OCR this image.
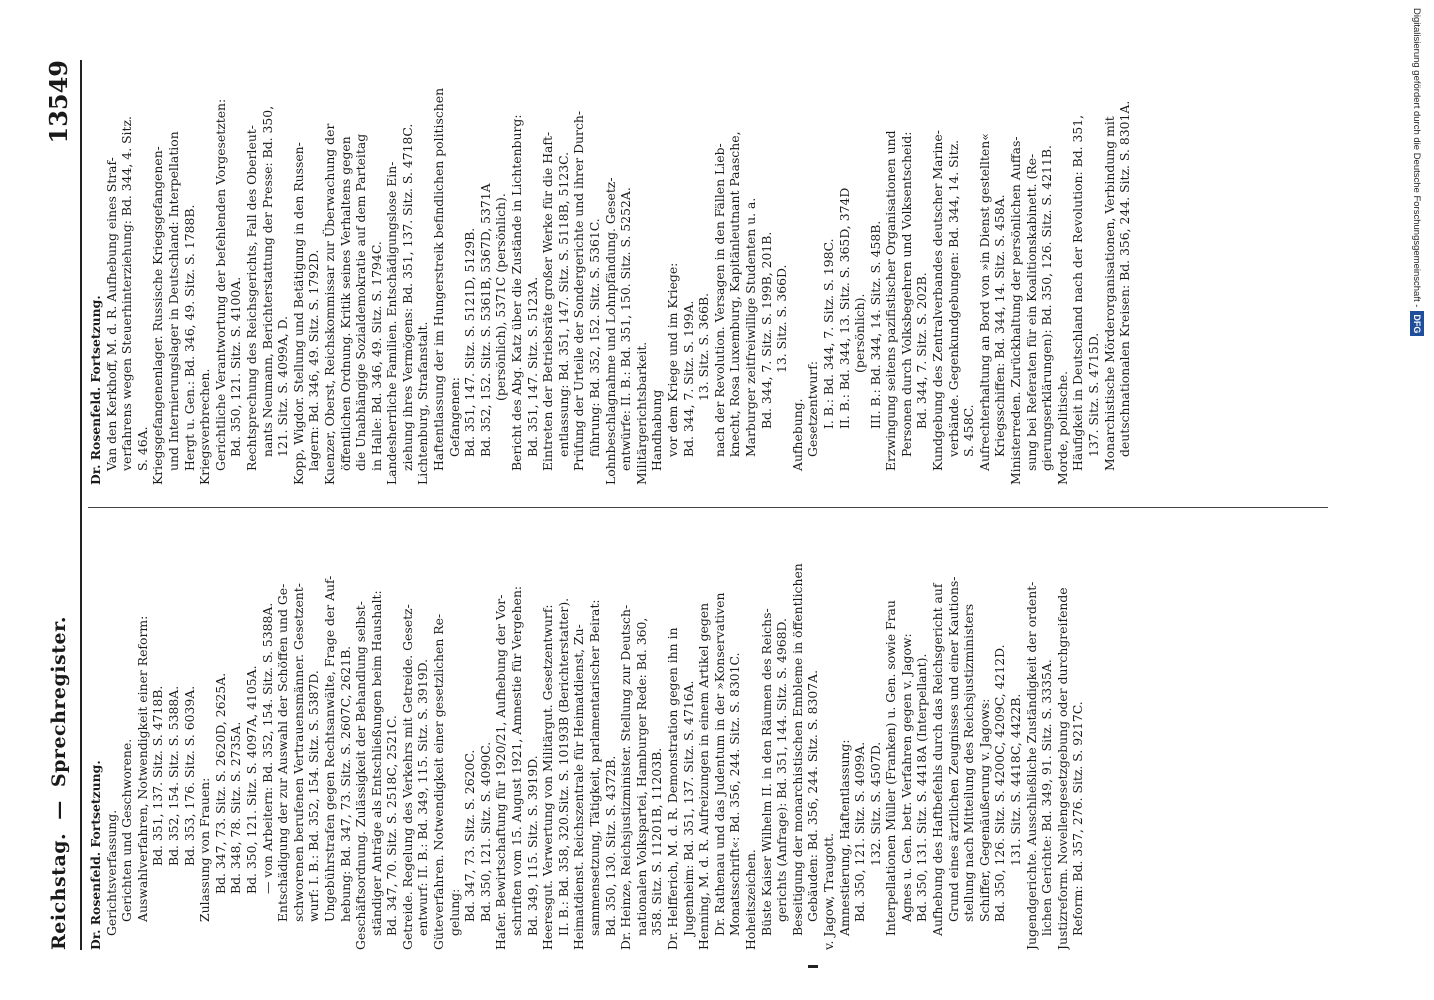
Reichstag. — Sprechregister.
13549
Dr. Rosenfeld. Fortsetzung. Gerichtsverfassung. Gerichten und Geschworene. Auswahlverfahren, Notwendigkeit einer Reform: Bd. 351, 137. Sitz. S. 4718B. Bd. 352, 154. Sitz. S. 5388A. Bd. 353, 176. Sitz. S. 6039A. Zulassung von Frauen: Bd. 347, 73. Sitz. S. 2620D, 2625A. Bd. 348, 78. Sitz. S. 2735A. Bd. 350, 121. Sitz. S. 4097A, 4105A. — von Arbeitern: Bd. 352, 154. Sitz. S. 5388A. Entschädigung der zur Auswahl der Schöffen und Ge- schworenen berufenen Vertrauensmänner. Gesetzent- wurf: I. B.: Bd. 352, 154. Sitz. S. 5387D. Ungebührstrafen gegen Rechtsanwälte, Frage der Auf- hebung: Bd. 347, 73. Sitz. S. 2607C, 2621B. Geschäftsordnung. Zulässigkeit der Behandlung selbst- ständiger Anträge als Entschließungen beim Haushalt: Bd. 347, 70. Sitz. S. 2518C, 2521C. Getreide. Regelung des Verkehrs mit Getreide. Gesetz- entwurf: II. B.: Bd. 349, 115. Sitz. S. 3919D. Güteverfahren. Notwendigkeit einer gesetzlichen Re- gelung: Bd. 347, 73. Sitz. S. 2620C. Bd. 350, 121. Sitz. S. 4090C. Hafer. Bewirtschaftung für 1920/21, Aufhebung der Vor- schriften vom 15. August 1921, Amnestie für Vergehen: Bd. 349, 115. Sitz. S. 3919D. Heeresgut. Verwertung von Militärgut. Gesetzentwurf: II. B.: Bd. 358, 320.Sitz. S. 10193B (Berichterstatter). Heimatdienst. Reichszentrale für Heimatdienst, Zu- sammensetzung, Tätigkeit, parlamentarischer Beirat: Bd. 350, 130. Sitz. S. 4372B. Dr. Heinze, Reichsjustizminister. Stellung zur Deutsch- nationalen Volkspartei, Hamburger Rede: Bd. 360, 358. Sitz. S. 11201B, 11203B. Dr. Helfferich, M. d. R. Demonstration gegen ihn in Jugenheim: Bd. 351, 137. Sitz. S. 4716A. Henning, M. d. R. Aufreizungen in einem Artikel gegen Dr. Rathenau und das Judentum in der »Konservativen Monatsschrift«: Bd. 356, 244. Sitz. S. 8301C. Hoheitszeichen. Büste Kaiser Wilhelm II. in den Räumen des Reichs- gerichts (Anfrage): Bd. 351, 144. Sitz. S. 4968D. Beseitigung der monarchistischen Embleme in öffentlichen Gebäuden: Bd. 356, 244. Sitz. S. 8307A. v. Jagow, Traugott. Amnestierung, Haftentlassung: Bd. 350, 121. Sitz. S. 4099A. 132. Sitz. S. 4507D. Interpellationen Müller (Franken) u. Gen. sowie Frau Agnes u. Gen. betr. Verfahren gegen v. Jagow: Bd. 350, 131. Sitz. S. 4418A (Interpellant). Aufhebung des Haftbefehls durch das Reichsgericht auf Grund eines ärztlichen Zeugnisses und einer Kautions- stellung nach Mitteilung des Reichsjustizministers Schiffer, Gegenäußerung v. Jagows: Bd. 350, 126. Sitz. S. 4200C, 4209C, 4212D. 131. Sitz. S. 4418C, 4422B. Jugendgerichte. Ausschließliche Zuständigkeit der ordent- lichen Gerichte: Bd. 349, 91. Sitz. S. 3335A. Justizreform. Novellengesetzgebung oder durchgreifende Reform: Bd. 357, 276. Sitz. S. 9217C.
Dr. Rosenfeld. Fortsetzung. Van den Kerkhoff, M. d. R. Aufhebung eines Straf- verfahrens wegen Steuerhinterziehung: Bd. 344, 4. Sitz. S. 46A. Kriegsgefangenenlager. Russische Kriegsgefangenen- und Internierungslager in Deutschland: Interpellation Hergt u. Gen.: Bd. 346, 49. Sitz. S. 1788B. Kriegsverbrechen. Gerichtliche Verantwortung der befehlenden Vorgesetzten: Bd. 350, 121. Sitz. S. 4100A. Rechtsprechung des Reichsgerichts, Fall des Oberleut- nants Neumann, Berichterstattung der Presse: Bd. 350, 121. Sitz. S. 4099A, D. Kopp, Wigdor. Stellung und Betätigung in den Russen- lagern: Bd. 346, 49. Sitz. S. 1792D. Kuenzer, Oberst, Reichskommissar zur Überwachung der öffentlichen Ordnung. Kritik seines Verhaltens gegen die Unabhängige Sozialdemokratie auf dem Parteitag in Halle: Bd. 346, 49. Sitz. S. 1794C. Landesherrliche Familien. Entschädigungslose Ein- ziehung ihres Vermögens: Bd. 351, 137. Sitz. S. 4718C. Lichtenburg, Strafanstalt. Haftentlassung der im Hungerstreik befindlichen politischen Gefangenen: Bd. 351, 147. Sitz. S. 5121D, 5129B. Bd. 352, 152. Sitz. S. 5361B, 5367D, 5371A (persönlich), 5371C (persönlich). Bericht des Abg. Katz über die Zustände in Lichtenburg: Bd. 351, 147. Sitz. S. 5123A. Eintreten der Betriebsräte großer Werke für die Haft- entlassung: Bd. 351, 147. Sitz. S. 5118B, 5123C. Prüfung der Urteile der Sondergerichte und ihrer Durch- führung: Bd. 352, 152. Sitz. S. 5361C. Lohnbeschlagnahme und Lohnpfändung. Gesetz- entwürfe: II. B.: Bd. 351, 150. Sitz. S. 5252A. Militärgerichtsbarkeit. Handhabung vor dem Kriege und im Kriege: Bd. 344, 7. Sitz. S. 199A. 13. Sitz. S. 366B. nach der Revolution. Versagen in den Fällen Lieb- knecht, Rosa Luxemburg, Kapitänleutnant Paasche, Marburger zeitfreiwillige Studenten u. a. Bd. 344, 7. Sitz. S. 199B, 201B. 13. Sitz. S. 366D.
Aufhebung. Gesetzentwurf: I. B.: Bd. 344, 7. Sitz. S. 198C. II. B.: Bd. 344, 13. Sitz. S. 365D, 374D (persönlich). III. B.: Bd. 344, 14. Sitz. S. 458B. Erzwingung seitens pazifistischer Organisationen und Personen durch Volksbegehren und Volksentscheid: Bd. 344, 7. Sitz. S. 202B. Kundgebung des Zentralverbandes deutscher Marine- verbände. Gegenkundgebungen: Bd. 344, 14. Sitz. S. 458C. Aufrechterhaltung an Bord von »in Dienst gestellten« Kriegsschiffen: Bd. 344, 14. Sitz. S. 458A. Ministerreden. Zurückhaltung der persönlichen Auffas- sung bei Referaten für ein Koalitionskabinett. (Re- gierungserklärungen): Bd. 350, 126. Sitz. S. 4211B. Morde, politische. Häufigkeit in Deutschland nach der Revolution: Bd. 351, 137. Sitz. S. 4715D. Monarchistische Mörderorganisationen, Verbindung mit deutschnationalen Kreisen: Bd. 356, 244. Sitz. S. 8301A.	Digitalisierung gefördert durch die Deutsche Forschungsgemeinschaft -DFG
